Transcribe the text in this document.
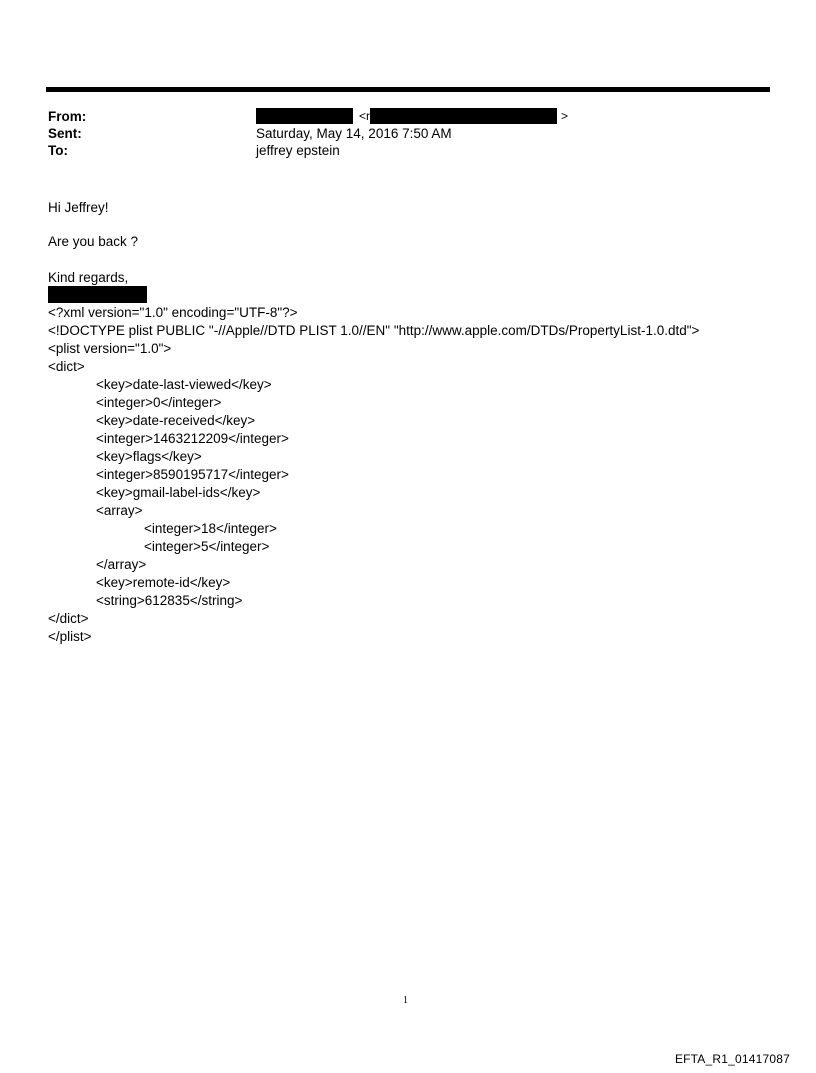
From:
Sent:
To:
< r	>
Saturday, May 14, 2016 7:50 AM
jeffrey epstein
Hi Jeffrey!
Are you back ?
Kind regards,
<?xml version="1.0" encoding="UTF-8"?>
<!DOCTYPE plist PUBLIC "-//Apple//DTD PLIST 1.0//EN" "http://www.apple.com/DTDs/PropertyList-1.0.dtd">
<plist version="1.0">
<dict>
<key>date-last-viewed</key>
<integer>0</integer>
<key>date-received</key>
<integer>1463212209</integer>
<key>flags</key>
<integer>8590195717</integer>
<key>gmail-label-ids</key>
<array>
<integer>18</integer>
<integer>5</integer>
</array>
<key>remote-id</key>
<string>612835</string>
</dict>
</plist>
1
EFTA_R1_01417087
